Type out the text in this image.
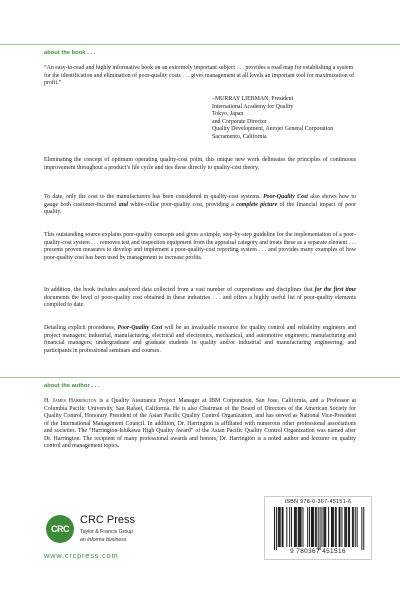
about the book . . .
“An easy-to-read and highly informative book on an extremely important subject . . . provides a road map for establishing a system for the identification and elimination of poor-quality costs . . . gives management at all levels an important tool for maximization of profit.”
–MURRAY LIEBMAN, President
International Academy for Quality
Tokyo, Japan
and Corporate Director
Quality Development, Aerojet General Corporation
Sacramento, California
Eliminating the concept of optimum operating quality-cost point, this unique new work delineates the principles of continuous improvement throughout a product’s life cycle and ties these directly to quality-cost theory.
To date, only the cost to the manufacturers has been considered in quality-cost systems. Poor-Quality Cost also shows how to gauge both customer-incurred and white-collar poor-quality cost, providing a complete picture of the financial impact of poor quality.
This outstanding source explains poor-quality concepts and gives a simple, step-by-step guideline for the implementation of a poor-quality-cost system . . . removes test and inspection equipment from the appraisal category and treats these as a separate element . . . presents proven measures to develop and implement a poor-quality-cost reporting system . . . and provides many examples of how poor-quality cost has been used by management to increase profits.
In addition, the book includes analyzed data collected from a vast number of corporations and disciplines that for the first time documents the level of poor-quality cost obtained in these industries . . . and offers a highly useful list of poor-quality elements compiled to date.
Detailing explicit procedures, Poor-Quality Cost will be an invaluable resource for quality control and reliability engineers and project managers; industrial, manufacturing, electrical and electronics, mechanical, and automotive engineers; manufacturing and financial managers; undergraduate and graduate students in quality and/or industrial and manufacturing engineering; and participants in professional seminars and courses.
about the author . . .
H. James Harrington is a Quality Assurance Project Manager at IBM Corporation, San Jose, California, and a Professor at Columbia Pacific University, San Rafael, California. He is also Chairman of the Board of Directors of the American Society for Quality Control, Honorary President of the Asian Pacific Quality Control Organization, and has served as National Vice-President of the International Management Council. In addition, Dr. Harrington is affiliated with numerous other professional associations and societies. The “Harrington-Ishikawa High Quality Award” of the Asian Pacific Quality Control Organization was named after Dr. Harrington. The recipient of many professional awards and honors, Dr. Harrington is a noted author and lecturer on quality control and management topics.
ISBN 978-0-367-45151-6
9 780367 451516
CRC
CRC Press
Taylor & Francis Group
an informa business
www.crcpress.com
